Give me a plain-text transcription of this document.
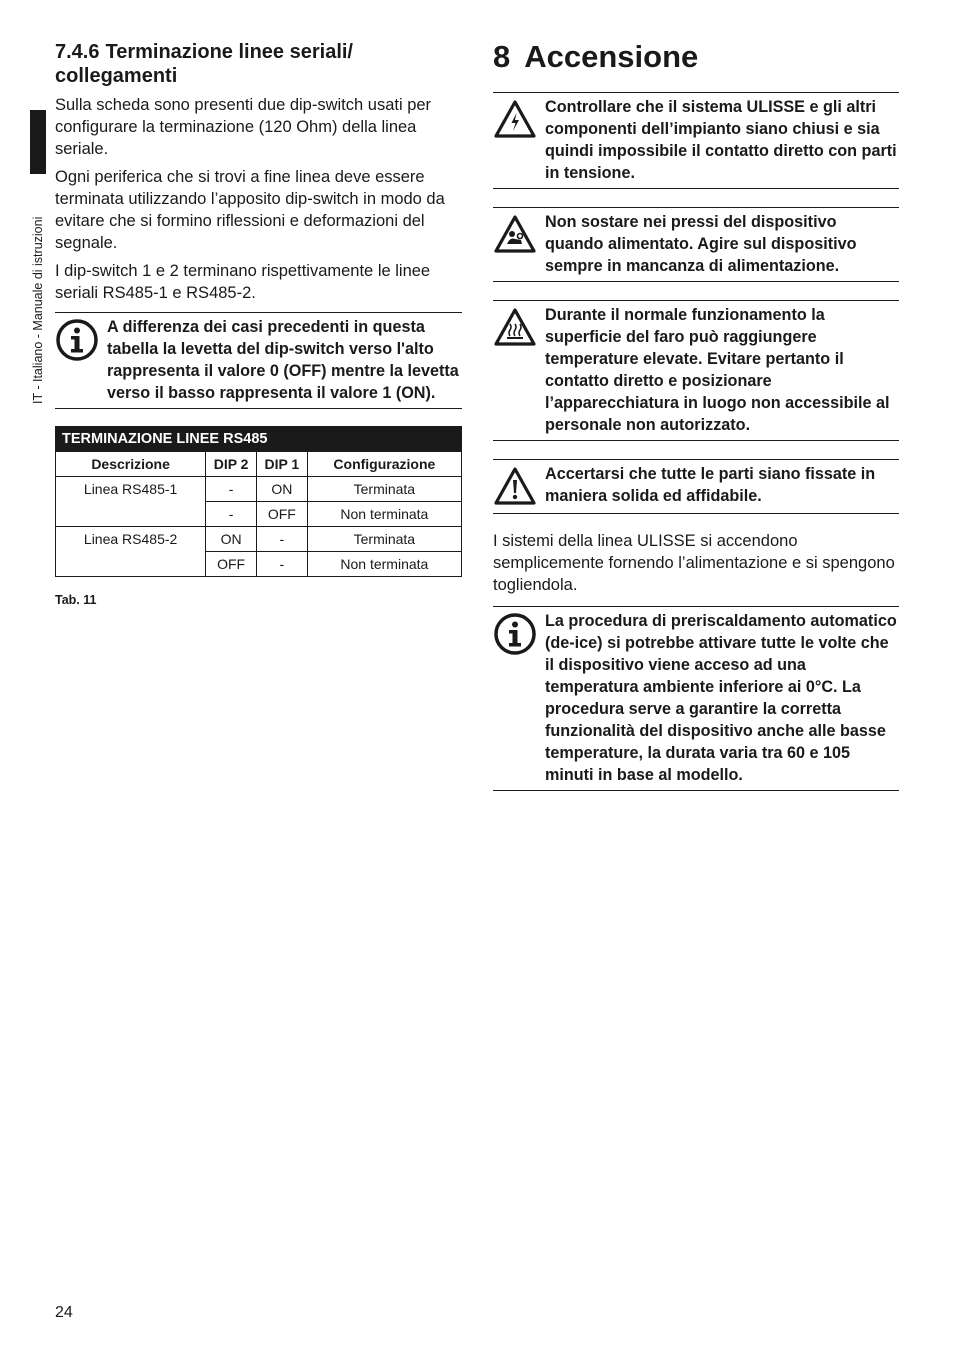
IT - Italiano - Manuale di istruzioni
7.4.6 Terminazione linee seriali/ collegamenti

Sulla scheda sono presenti due dip-switch usati per configurare la terminazione (120 Ohm) della linea seriale.

Ogni periferica che si trovi a fine linea deve essere terminata utilizzando l’apposito dip-switch in modo da evitare che si formino riflessioni e deformazioni del segnale.

I dip-switch 1 e 2 terminano rispettivamente le linee seriali RS485-1 e RS485-2.

A differenza dei casi precedenti in questa tabella la levetta del dip-switch verso l'alto rappresenta il valore 0 (OFF) mentre la levetta verso il basso rappresenta il valore 1 (ON).
TERMINAZIONE LINEE RS485			
Descrizione	DIP 2	DIP 1	Configurazione
Linea RS485-1	-	ON	Terminata
	-	OFF	Non terminata
Linea RS485-2	ON	-	Terminata
	OFF	-	Non terminata
Tab. 11
8 Accensione
Controllare che il sistema ULISSE e gli altri componenti dell’impianto siano chiusi e sia quindi impossibile il contatto diretto con parti in tensione.
Non sostare nei pressi del dispositivo quando alimentato. Agire sul dispositivo sempre in mancanza di alimentazione.
Durante il normale funzionamento la superficie del faro può raggiungere temperature elevate. Evitare pertanto il contatto diretto e posizionare l’apparecchiatura in luogo non accessibile al personale non autorizzato.
Accertarsi che tutte le parti siano fissate in maniera solida ed affidabile.

I sistemi della linea ULISSE si accendono semplicemente fornendo l’alimentazione e si spengono togliendola.

La procedura di preriscaldamento automatico (de-ice) si potrebbe attivare tutte le volte che il dispositivo viene acceso ad una temperatura ambiente inferiore ai 0°C. La procedura serve a garantire la corretta funzionalità del dispositivo anche alle basse temperature, la durata varia tra 60 e 105 minuti in base al modello.
24
